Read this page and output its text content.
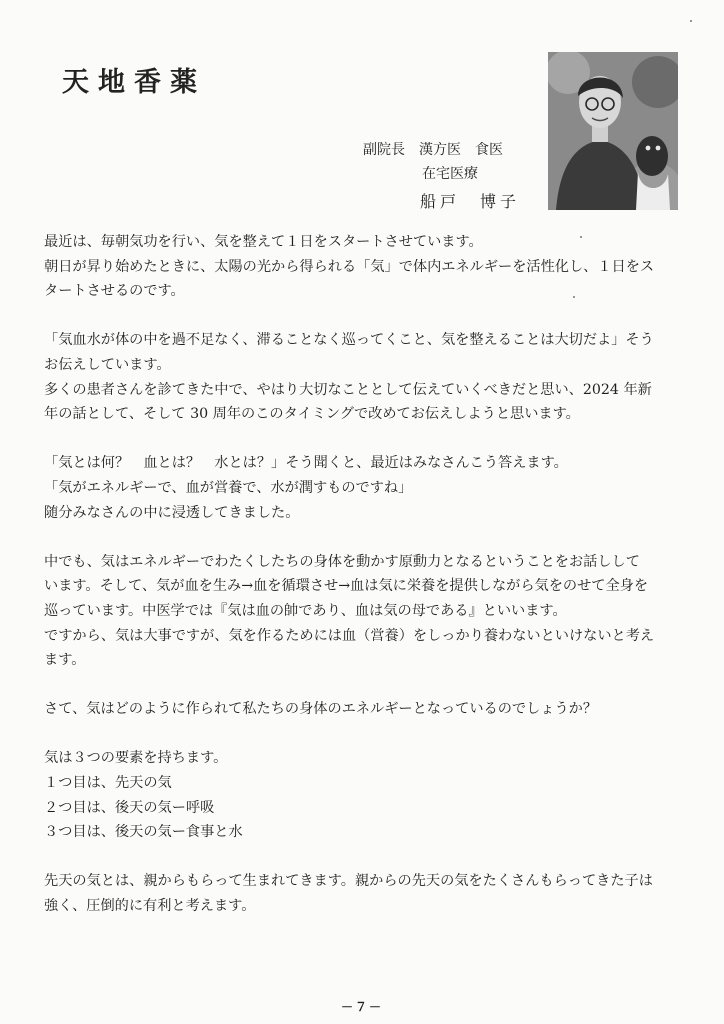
天地香薬
副院長　漢方医　食医
在宅医療
船戸　博子

最近は、毎朝気功を行い、気を整えて１日をスタートさせています。

朝日が昇り始めたときに、太陽の光から得られる「気」で体内エネルギーを活性化し、１日をス

タートさせるのです。

「気血水が体の中を過不足なく、滞ることなく巡ってくこと、気を整えることは大切だよ」そう

お伝えしています。

多くの患者さんを診てきた中で、やはり大切なこととして伝えていくべきだと思い、2024 年新

年の話として、そして 30 周年のこのタイミングで改めてお伝えしようと思います。

「気とは何？　血とは？　水とは？」そう聞くと、最近はみなさんこう答えます。

「気がエネルギーで、血が営養で、水が潤すものですね」

随分みなさんの中に浸透してきました。

中でも、気はエネルギーでわたくしたちの身体を動かす原動力となるということをお話しして

います。そして、気が血を生み→血を循環させ→血は気に栄養を提供しながら気をのせて全身を

巡っています。中医学では『気は血の帥であり、血は気の母である』といいます。

ですから、気は大事ですが、気を作るためには血（営養）をしっかり養わないといけないと考え

ます。

さて、気はどのように作られて私たちの身体のエネルギーとなっているのでしょうか？

気は３つの要素を持ちます。

１つ目は、先天の気

２つ目は、後天の気ー呼吸

３つ目は、後天の気ー食事と水

先天の気とは、親からもらって生まれてきます。親からの先天の気をたくさんもらってきた子は

強く、圧倒的に有利と考えます。

－７－
